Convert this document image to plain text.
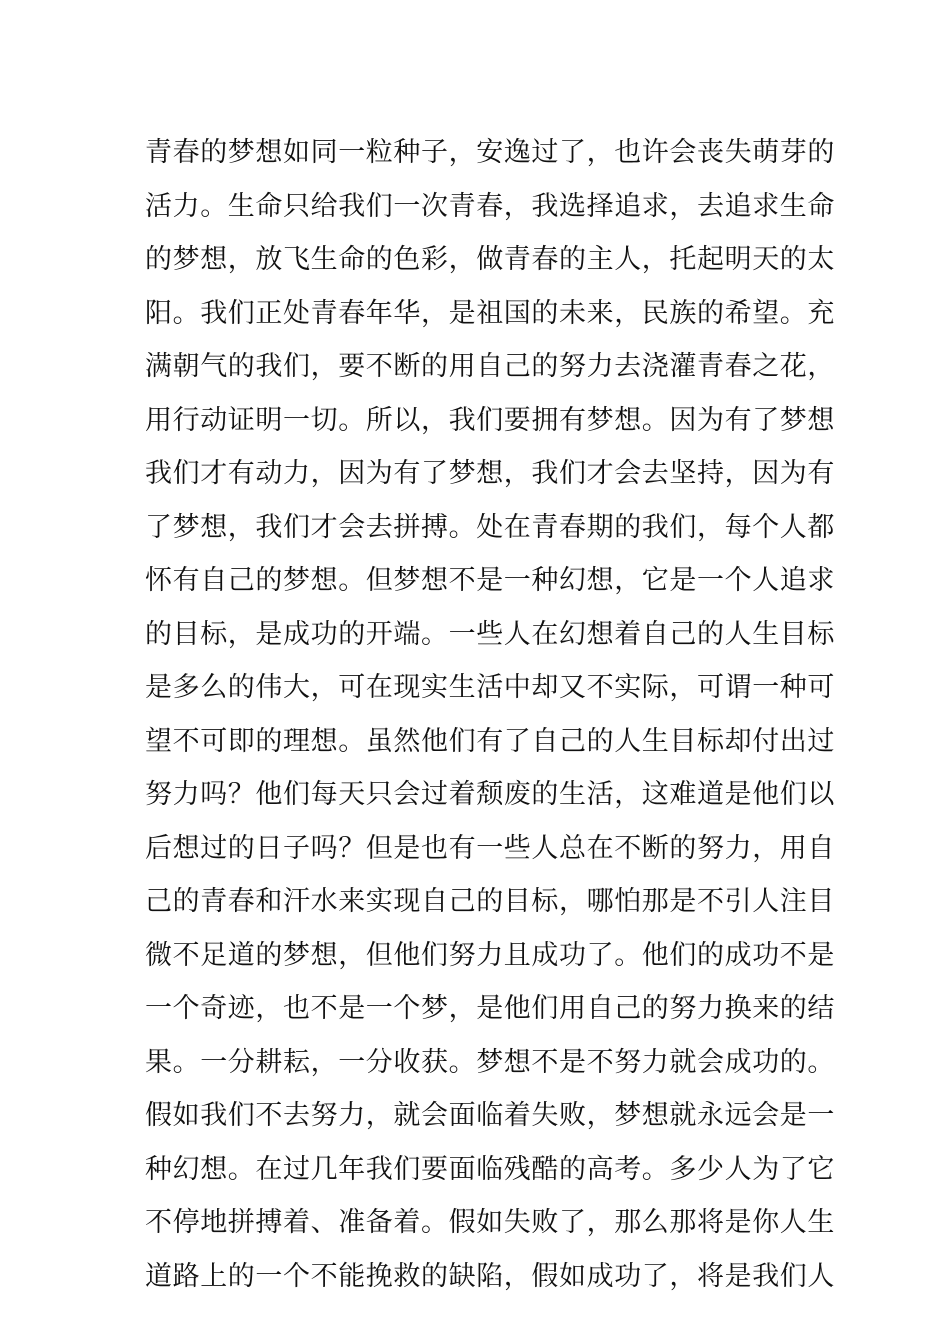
青春的梦想如同一粒种子，安逸过了，也许会丧失萌芽的
活力。生命只给我们一次青春，我选择追求，去追求生命
的梦想，放飞生命的色彩，做青春的主人，托起明天的太
阳。我们正处青春年华，是祖国的未来，民族的希望。充
满朝气的我们，要不断的用自己的努力去浇灌青春之花，
用行动证明一切。所以，我们要拥有梦想。因为有了梦想
我们才有动力，因为有了梦想，我们才会去坚持，因为有
了梦想，我们才会去拼搏。处在青春期的我们，每个人都
怀有自己的梦想。但梦想不是一种幻想，它是一个人追求
的目标，是成功的开端。一些人在幻想着自己的人生目标
是多么的伟大，可在现实生活中却又不实际，可谓一种可
望不可即的理想。虽然他们有了自己的人生目标却付出过
努力吗？他们每天只会过着颓废的生活，这难道是他们以
后想过的日子吗？但是也有一些人总在不断的努力，用自
己的青春和汗水来实现自己的目标，哪怕那是不引人注目
微不足道的梦想，但他们努力且成功了。他们的成功不是
一个奇迹，也不是一个梦，是他们用自己的努力换来的结
果。一分耕耘，一分收获。梦想不是不努力就会成功的。
假如我们不去努力，就会面临着失败，梦想就永远会是一
种幻想。在过几年我们要面临残酷的高考。多少人为了它
不停地拼搏着、准备着。假如失败了，那么那将是你人生
道路上的一个不能挽救的缺陷，假如成功了，将是我们人
